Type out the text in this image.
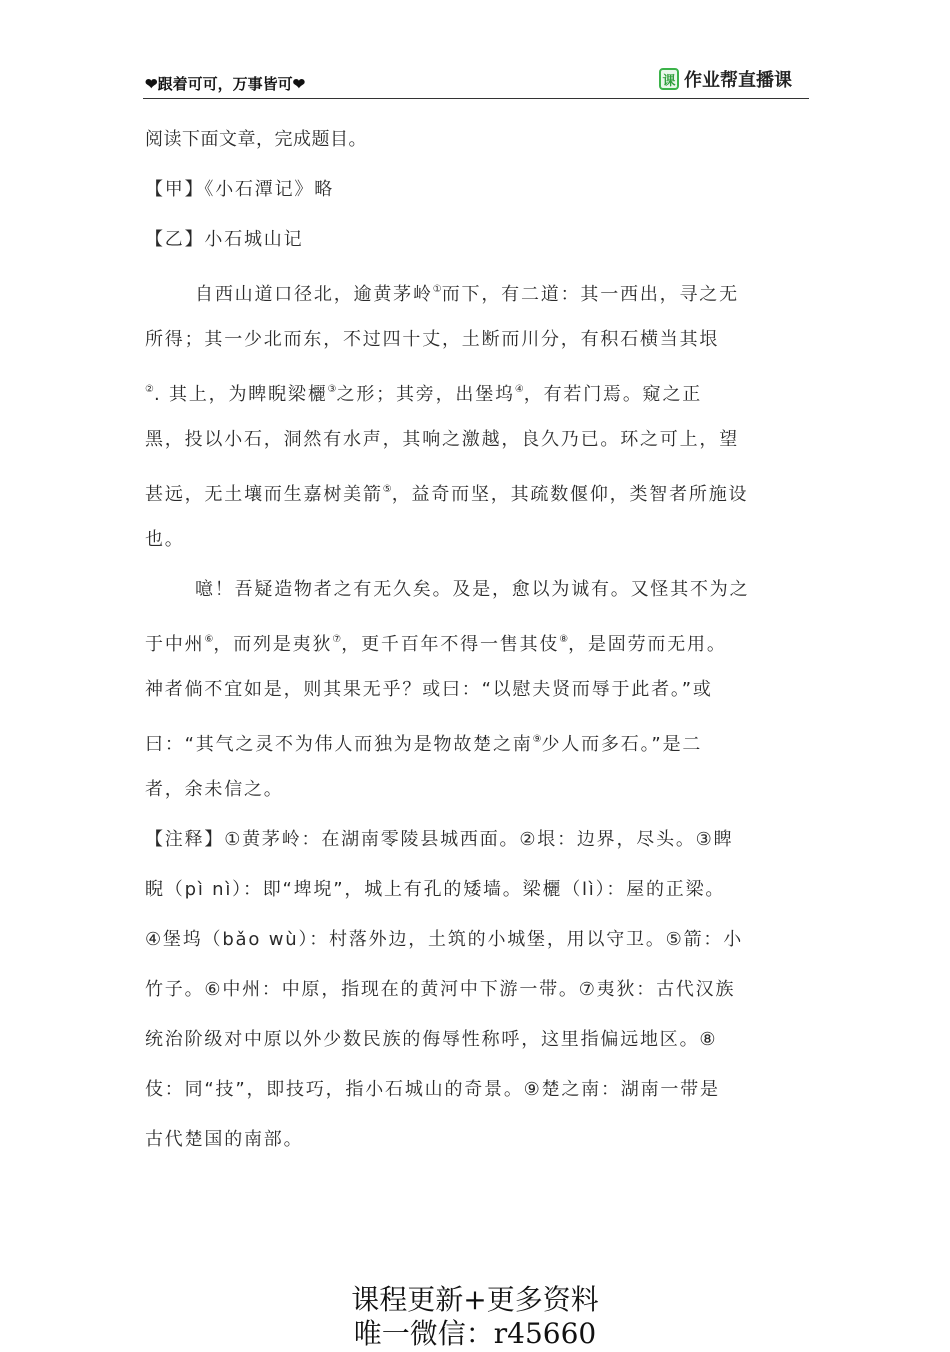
❤跟着可可，万事皆可❤	课 作业帮直播课
阅读下面文章，完成题目。
【甲】《小石潭记》略
【乙】小石城山记
自西山道口径北，逾黄茅岭①而下，有二道：其一西出，寻之无
所得；其一少北而东，不过四十丈，土断而川分，有积石横当其垠
②. 其上，为睥睨梁欐③之形；其旁，出堡坞④，有若门焉。窥之正
黑，投以小石，洞然有水声，其响之激越，良久乃已。环之可上，望
甚远，无土壤而生嘉树美箭⑤，益奇而坚，其疏数偃仰，类智者所施设
也。
噫！吾疑造物者之有无久矣。及是，愈以为诚有。又怪其不为之
于中州⑥，而列是夷狄⑦，更千百年不得一售其伎⑧，是固劳而无用。
神者倘不宜如是，则其果无乎？或曰：“以慰夫贤而辱于此者。”或
曰：“其气之灵不为伟人而独为是物故楚之南⑨少人而多石。”是二
者，余未信之。
【注释】①黄茅岭：在湖南零陵县城西面。②垠：边界，尽头。③睥
睨（pì nì）：即“埤堄”，城上有孔的矮墙。梁欐（lì）：屋的正梁。
④堡坞（bǎo wù）：村落外边，土筑的小城堡，用以守卫。⑤箭：小
竹子。⑥中州：中原，指现在的黄河中下游一带。⑦夷狄：古代汉族
统治阶级对中原以外少数民族的侮辱性称呼，这里指偏远地区。⑧
伎：同“技”，即技巧，指小石城山的奇景。⑨楚之南：湖南一带是
古代楚国的南部。
课程更新+更多资料
唯一微信：r45660
